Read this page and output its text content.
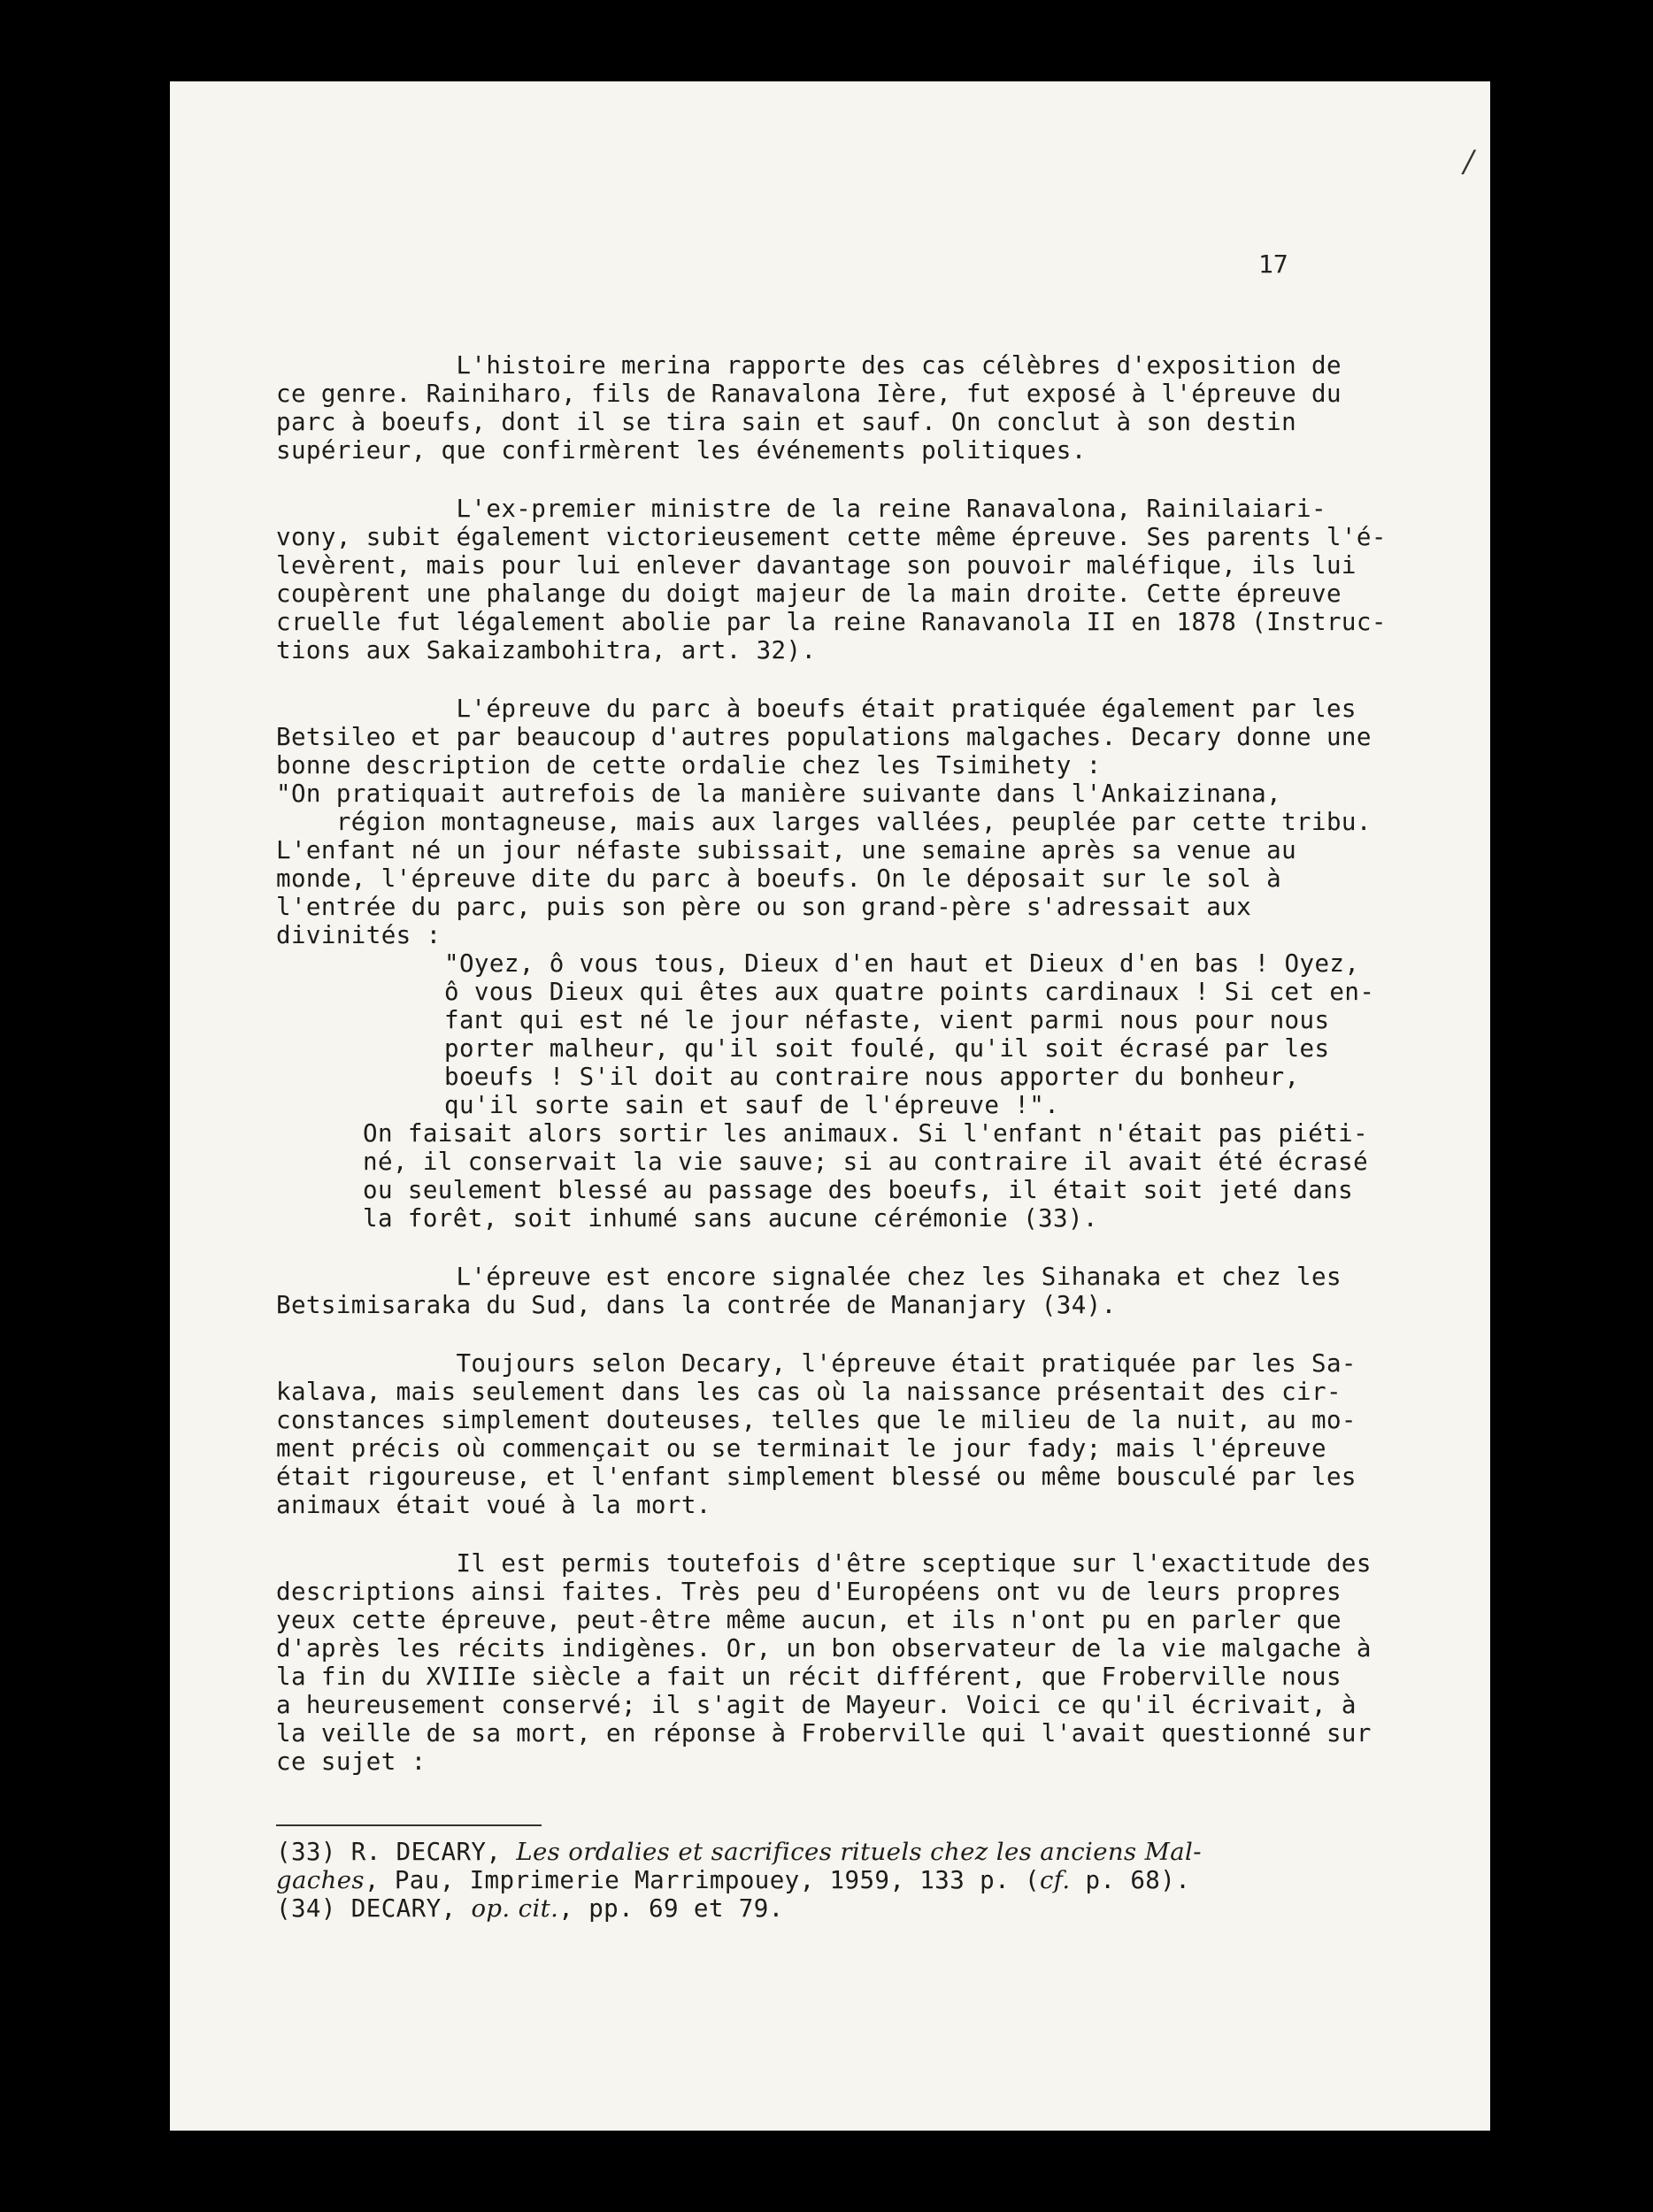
/
17
L'histoire merina rapporte des cas célèbres d'exposition de
ce genre. Rainiharo, fils de Ranavalona Ière, fut exposé à l'épreuve du
parc à boeufs, dont il se tira sain et sauf. On conclut à son destin
supérieur, que confirmèrent les événements politiques.
L'ex-premier ministre de la reine Ranavalona, Rainilaiari-
vony, subit également victorieusement cette même épreuve. Ses parents l'é-
levèrent, mais pour lui enlever davantage son pouvoir maléfique, ils lui
coupèrent une phalange du doigt majeur de la main droite. Cette épreuve
cruelle fut légalement abolie par la reine Ranavanola II en 1878 (Instruc-
tions aux Sakaizambohitra, art. 32).
L'épreuve du parc à boeufs était pratiquée également par les
Betsileo et par beaucoup d'autres populations malgaches. Decary donne une
bonne description de cette ordalie chez les Tsimihety :
"On pratiquait autrefois de la manière suivante dans l'Ankaizinana,
région montagneuse, mais aux larges vallées, peuplée par cette tribu.
L'enfant né un jour néfaste subissait, une semaine après sa venue au
monde, l'épreuve dite du parc à boeufs. On le déposait sur le sol à
l'entrée du parc, puis son père ou son grand-père s'adressait aux
divinités :
"Oyez, ô vous tous, Dieux d'en haut et Dieux d'en bas ! Oyez,
ô vous Dieux qui êtes aux quatre points cardinaux ! Si cet en-
fant qui est né le jour néfaste, vient parmi nous pour nous
porter malheur, qu'il soit foulé, qu'il soit écrasé par les
boeufs ! S'il doit au contraire nous apporter du bonheur,
qu'il sorte sain et sauf de l'épreuve !".
On faisait alors sortir les animaux. Si l'enfant n'était pas piéti-
né, il conservait la vie sauve; si au contraire il avait été écrasé
ou seulement blessé au passage des boeufs, il était soit jeté dans
la forêt, soit inhumé sans aucune cérémonie (33).
L'épreuve est encore signalée chez les Sihanaka et chez les
Betsimisaraka du Sud, dans la contrée de Mananjary (34).
Toujours selon Decary, l'épreuve était pratiquée par les Sa-
kalava, mais seulement dans les cas où la naissance présentait des cir-
constances simplement douteuses, telles que le milieu de la nuit, au mo-
ment précis où commençait ou se terminait le jour fady; mais l'épreuve
était rigoureuse, et l'enfant simplement blessé ou même bousculé par les
animaux était voué à la mort.
Il est permis toutefois d'être sceptique sur l'exactitude des
descriptions ainsi faites. Très peu d'Européens ont vu de leurs propres
yeux cette épreuve, peut-être même aucun, et ils n'ont pu en parler que
d'après les récits indigènes. Or, un bon observateur de la vie malgache à
la fin du XVIIIe siècle a fait un récit différent, que Froberville nous
a heureusement conservé; il s'agit de Mayeur. Voici ce qu'il écrivait, à
la veille de sa mort, en réponse à Froberville qui l'avait questionné sur
ce sujet :
(33) R. DECARY, Les ordalies et sacrifices rituels chez les anciens Mal-
gaches, Pau, Imprimerie Marrimpouey, 1959, 133 p. (cf. p. 68).
(34) DECARY, op. cit., pp. 69 et 79.
